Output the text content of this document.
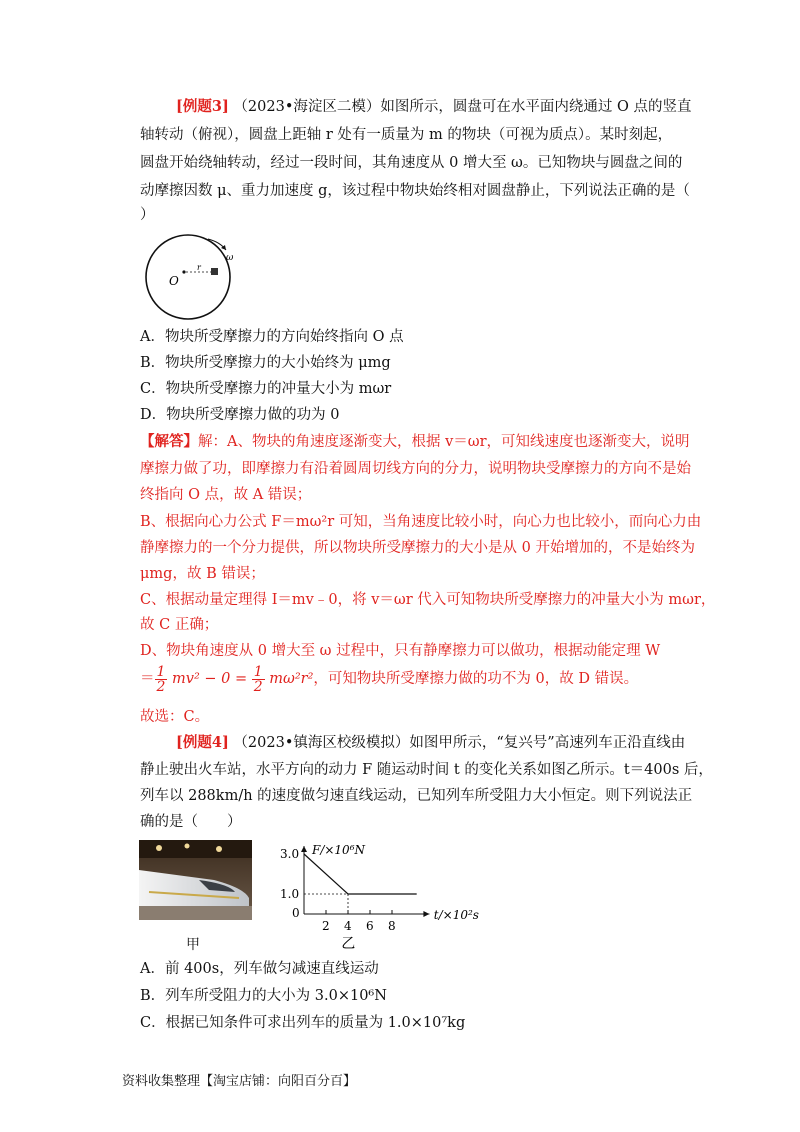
[例题3] （2023•海淀区二模）如图所示，圆盘可在水平面内绕通过 O 点的竖直
轴转动（俯视），圆盘上距轴 r 处有一质量为 m 的物块（可视为质点）。某时刻起，
圆盘开始绕轴转动，经过一段时间，其角速度从 0 增大至 ω。已知物块与圆盘之间的
动摩擦因数 μ、重力加速度 g，该过程中物块始终相对圆盘静止，下列说法正确的是（
）
O
r
ω
A．物块所受摩擦力的方向始终指向 O 点
B．物块所受摩擦力的大小始终为 μmg
C．物块所受摩擦力的冲量大小为 mωr
D．物块所受摩擦力做的功为 0
【解答】解：A、物块的角速度逐渐变大，根据 v＝ωr，可知线速度也逐渐变大，说明
摩擦力做了功，即摩擦力有沿着圆周切线方向的分力，说明物块受摩擦力的方向不是始
终指向 O 点，故 A 错误；
B、根据向心力公式 F＝mω²r 可知，当角速度比较小时，向心力也比较小，而向心力由
静摩擦力的一个分力提供，所以物块所受摩擦力的大小是从 0 开始增加的，不是始终为
μmg，故 B 错误；
C、根据动量定理得 I＝mv﹣0，将 v＝ωr 代入可知物块所受摩擦力的冲量大小为 mωr，
故 C 正确；
D、物块角速度从 0 增大至 ω 过程中，只有静摩擦力可以做功，根据动能定理 W
＝ $\frac{1}{2} mv^2 - 0 = \frac{1}{2} m\omega^2r^2$，可知物块所受摩擦力做的功不为 0，故 D 错误。
故选：C。
[例题4] （2023•镇海区校级模拟）如图甲所示，“复兴号”高速列车正沿直线由
静止驶出火车站，水平方向的动力 F 随运动时间 t 的变化关系如图乙所示。t＝400s 后，
列车以 288km/h 的速度做匀速直线运动，已知列车所受阻力大小恒定。则下列说法正
确的是（　　）
甲
F/×10⁶N
t/×10²s
0
2 4 6 8
3.0
1.0
乙
A．前 400s，列车做匀减速直线运动
B．列车所受阻力的大小为 3.0×10⁶N
C．根据已知条件可求出列车的质量为 1.0×10⁷kg
资料收集整理【淘宝店铺：向阳百分百】
